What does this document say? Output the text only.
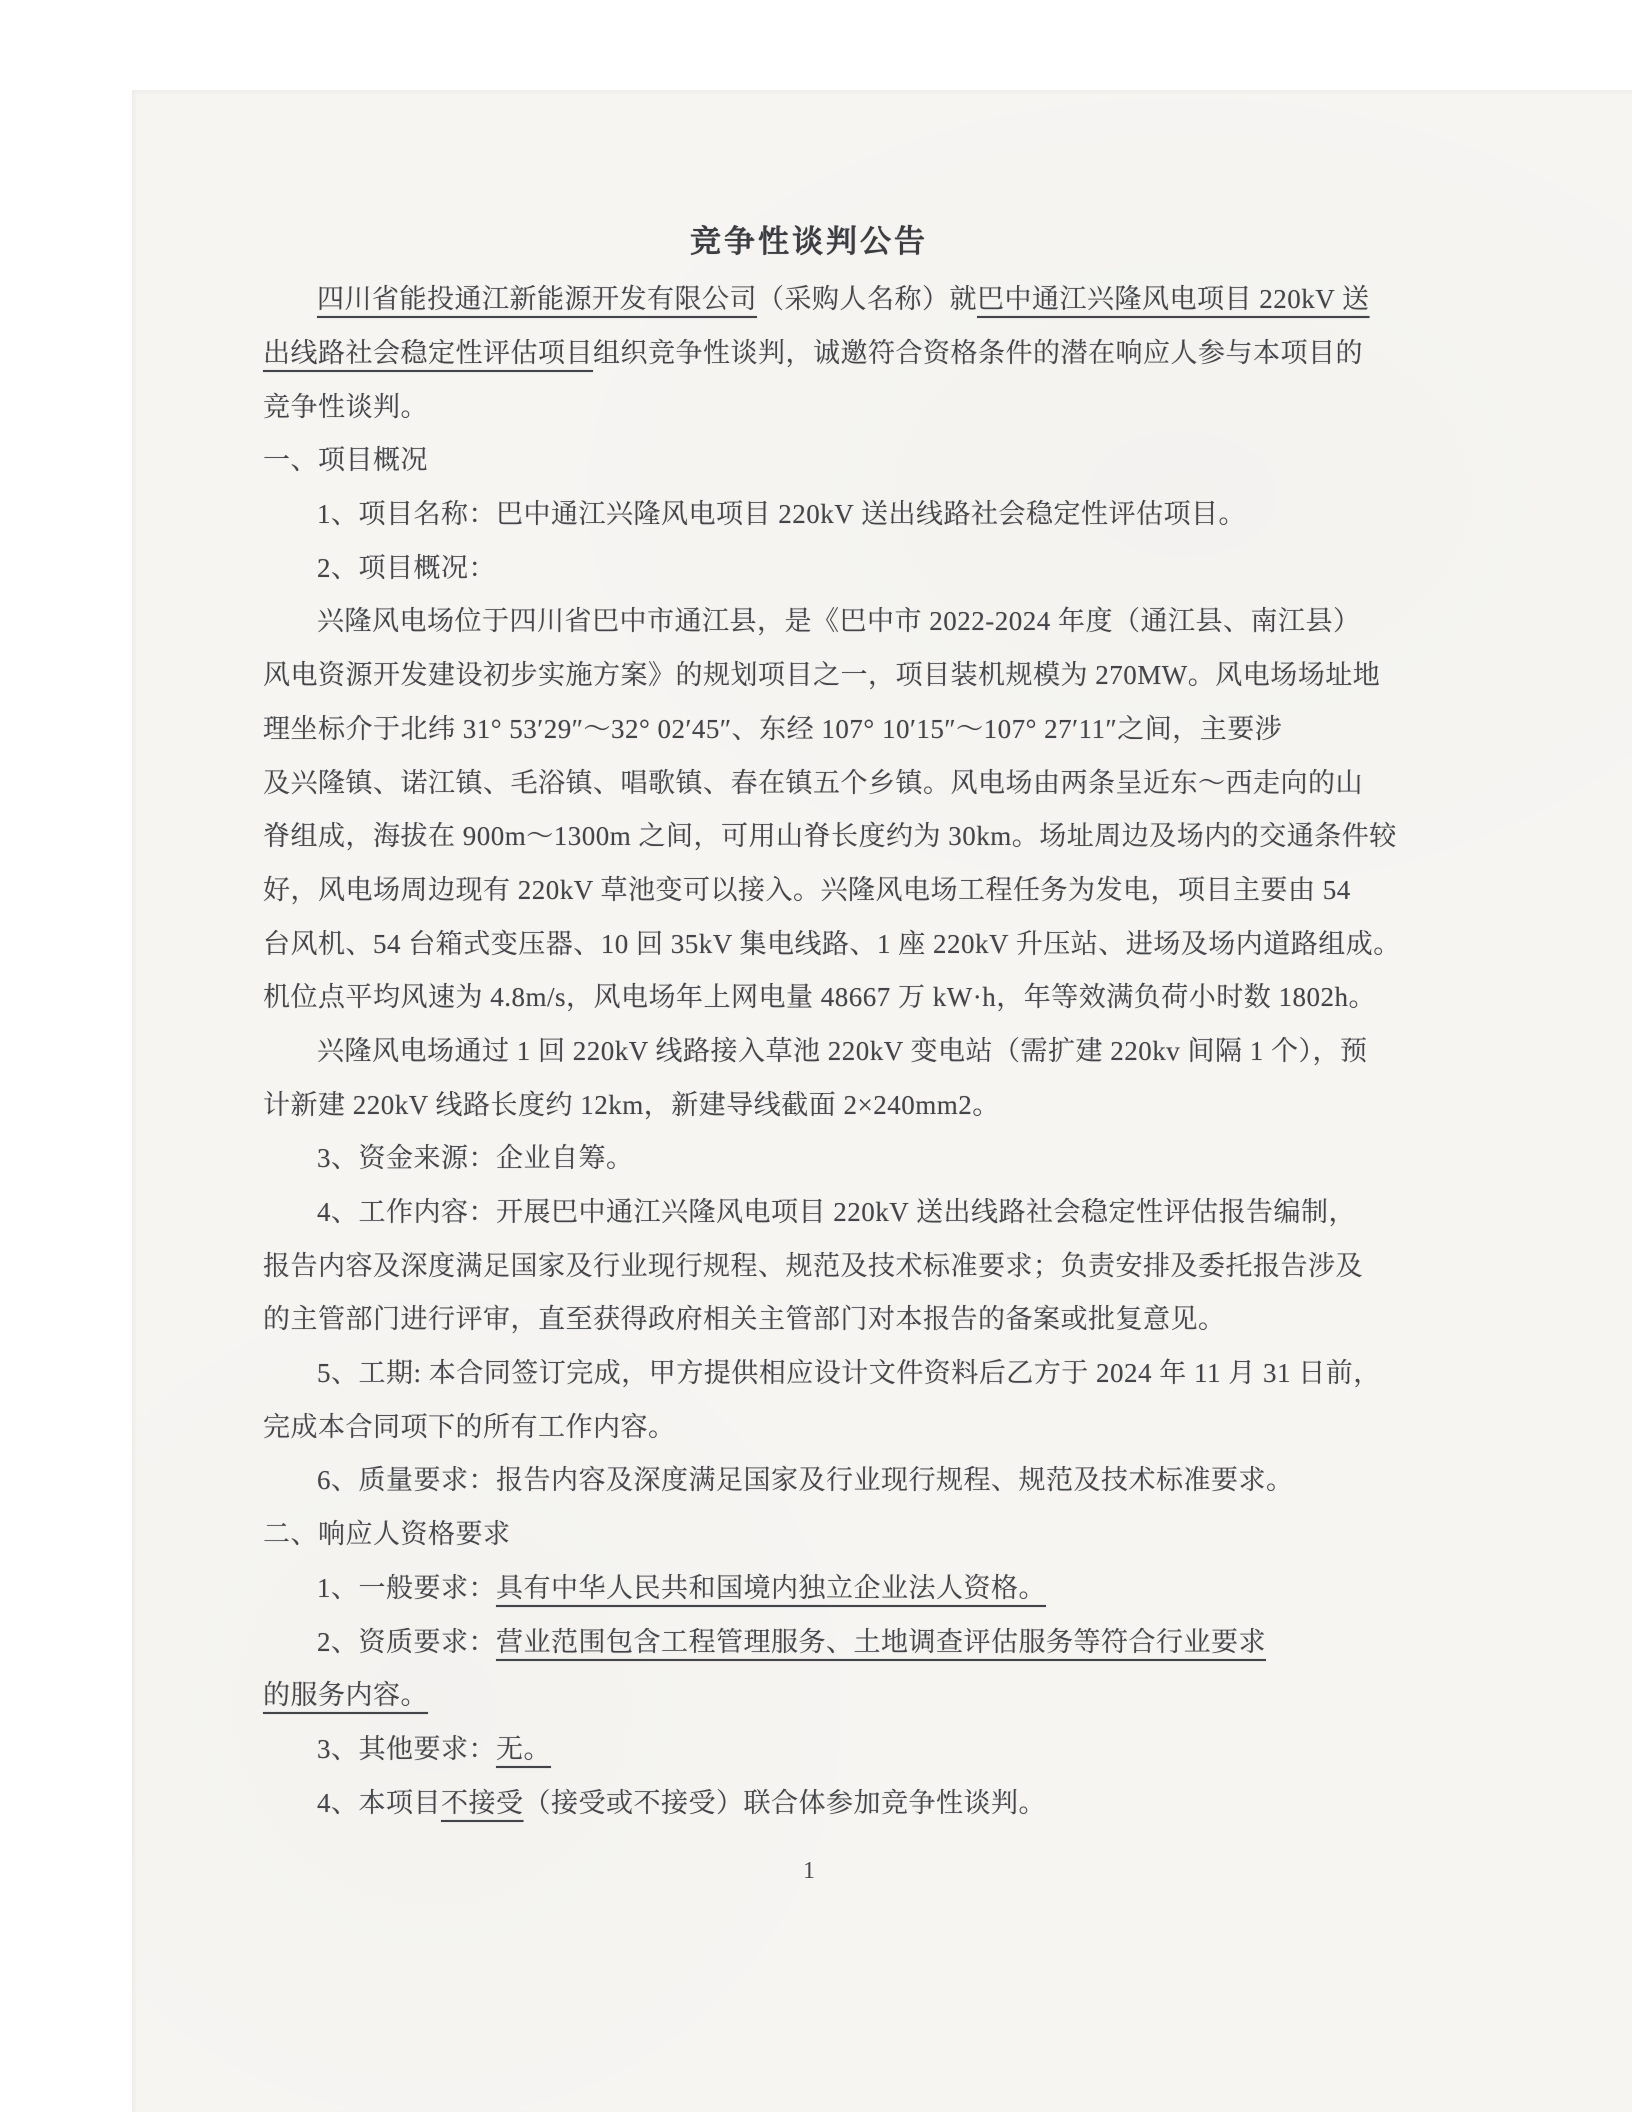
竞争性谈判公告

四川省能投通江新能源开发有限公司 （采购人名称）就 巴中通江兴隆风电项目 220kV 送

出线路社会稳定性评估项目 组织竞争性谈判，诚邀符合资格条件的潜在响应人参与本项目的

竞争性谈判。

一、项目概况

1、项目名称：巴中通江兴隆风电项目 220kV 送出线路社会稳定性评估项目。

2、项目概况：

兴隆风电场位于四川省巴中市通江县，是《巴中市 2022-2024 年度（通江县、南江县）

风电资源开发建设初步实施方案》的规划项目之一，项目装机规模为 270MW。风电场场址地

理坐标介于北纬 31° 53′29″～32° 02′45″、东经 107° 10′15″～107° 27′11″之间，主要涉

及兴隆镇、诺江镇、毛浴镇、唱歌镇、春在镇五个乡镇。风电场由两条呈近东～西走向的山

脊组成，海拔在 900m～1300m 之间，可用山脊长度约为 30km。场址周边及场内的交通条件较

好，风电场周边现有 220kV 草池变可以接入。兴隆风电场工程任务为发电，项目主要由 54

台风机、54 台箱式变压器、10 回 35kV 集电线路、1 座 220kV 升压站、进场及场内道路组成。

机位点平均风速为 4.8m/s，风电场年上网电量 48667 万 kW·h，年等效满负荷小时数 1802h。

兴隆风电场通过 1 回 220kV 线路接入草池 220kV 变电站（需扩建 220kv 间隔 1 个），预

计新建 220kV 线路长度约 12km，新建导线截面 2×240mm2。

3、资金来源：企业自筹。

4、工作内容：开展巴中通江兴隆风电项目 220kV 送出线路社会稳定性评估报告编制，

报告内容及深度满足国家及行业现行规程、规范及技术标准要求；负责安排及委托报告涉及

的主管部门进行评审，直至获得政府相关主管部门对本报告的备案或批复意见。

5、工期: 本合同签订完成，甲方提供相应设计文件资料后乙方于 2024 年 11 月 31 日前，

完成本合同项下的所有工作内容。

6、质量要求：报告内容及深度满足国家及行业现行规程、规范及技术标准要求。

二、响应人资格要求

1、一般要求： 具有中华人民共和国境内独立企业法人资格。

2、资质要求： 营业范围包含工程管理服务、土地调查评估服务等符合行业要求

的服务内容。

3、其他要求： 无。

4、本项目 不接受 （接受或不接受）联合体参加竞争性谈判。

1
